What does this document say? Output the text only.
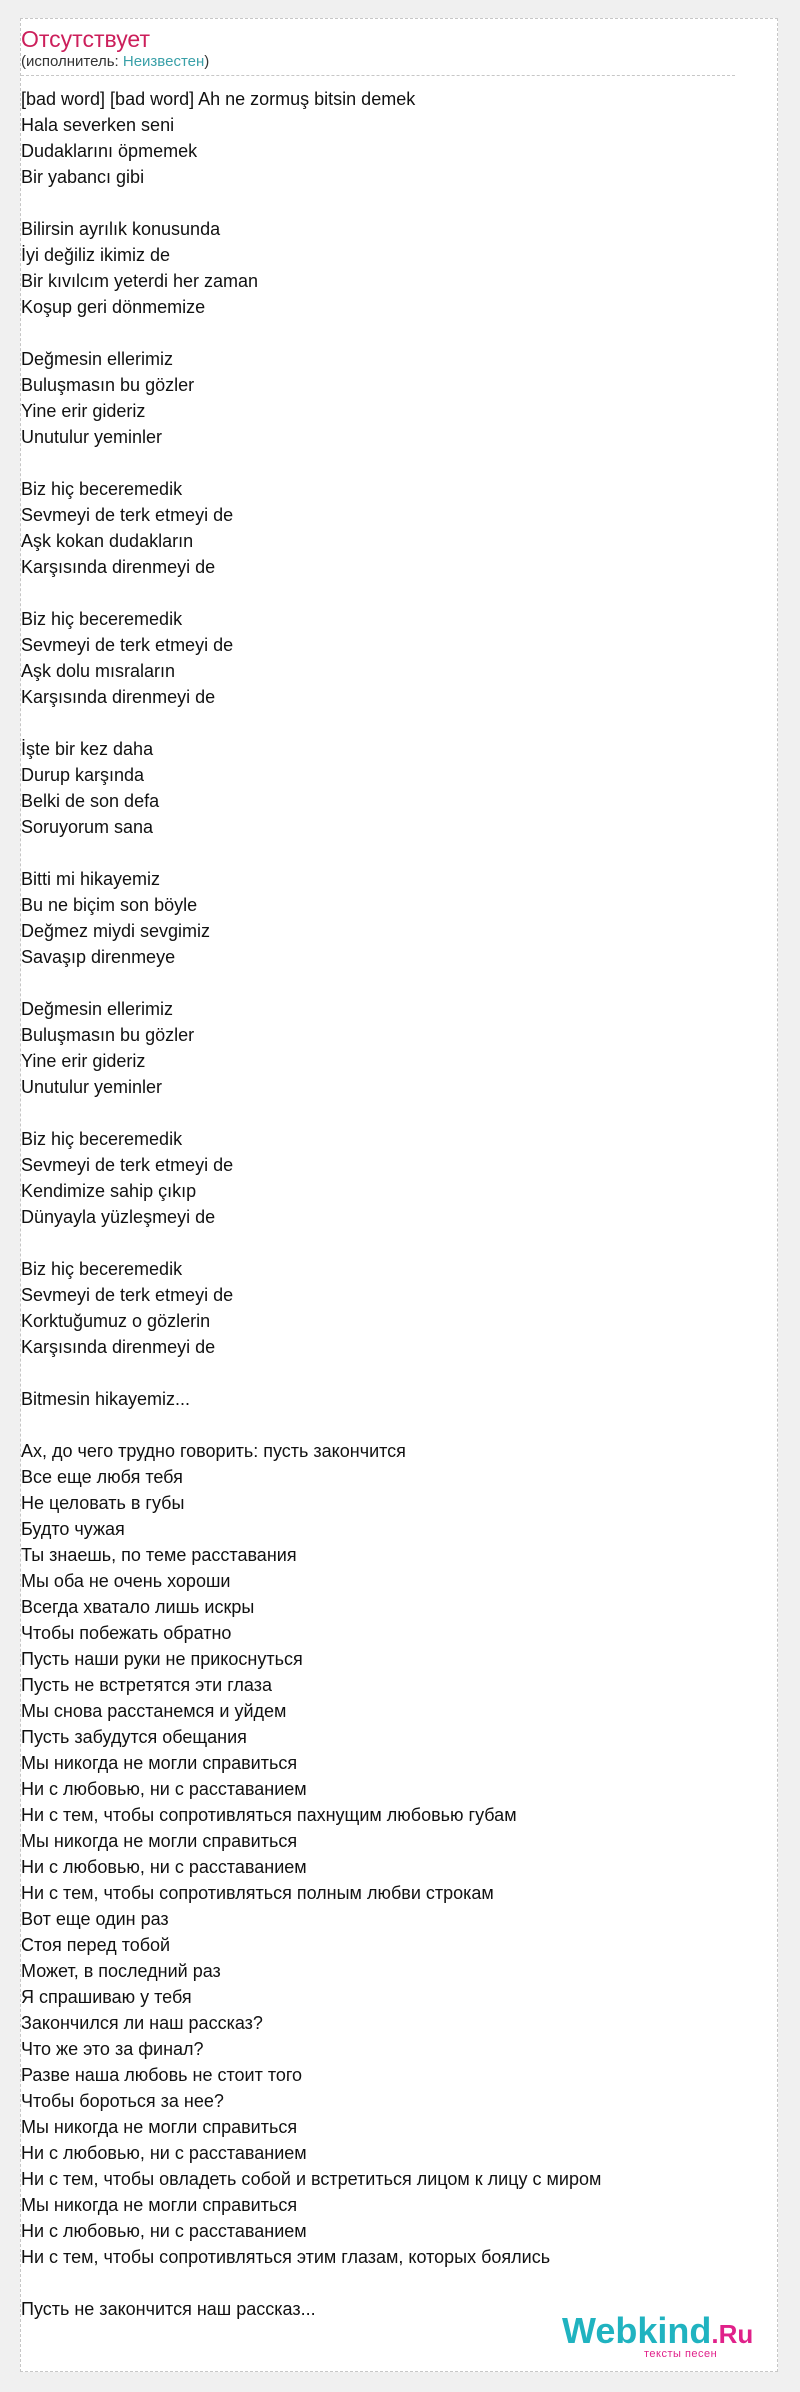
Отсутствует
(исполнитель: Неизвестен)
[bad word] [bad word] Ah ne zormuş bitsin demek
Hala severken seni
Dudaklarını öpmemek
Bir yabancı gibi
Bilirsin ayrılık konusunda
İyi değiliz ikimiz de
Bir kıvılcım yeterdi her zaman
Koşup geri dönmemize
Değmesin ellerimiz
Buluşmasın bu gözler
Yine erir gideriz
Unutulur yeminler
Biz hiç beceremedik
Sevmeyi de terk etmeyi de
Aşk kokan dudakların
Karşısında direnmeyi de
Biz hiç beceremedik
Sevmeyi de terk etmeyi de
Aşk dolu mısraların
Karşısında direnmeyi de
İşte bir kez daha
Durup karşında
Belki de son defa
Soruyorum sana
Bitti mi hikayemiz
Bu ne biçim son böyle
Değmez miydi sevgimiz
Savaşıp direnmeye
Değmesin ellerimiz
Buluşmasın bu gözler
Yine erir gideriz
Unutulur yeminler
Biz hiç beceremedik
Sevmeyi de terk etmeyi de
Kendimize sahip çıkıp
Dünyayla yüzleşmeyi de
Biz hiç beceremedik
Sevmeyi de terk etmeyi de
Korktuğumuz o gözlerin
Karşısında direnmeyi de
Bitmesin hikayemiz...
Ах, до чего трудно говорить: пусть закончится
Все еще любя тебя
Не целовать в губы
Будто чужая
Ты знаешь, по теме расставания
Мы оба не очень хороши
Всегда хватало лишь искры
Чтобы побежать обратно
Пусть наши руки не прикоснуться
Пусть не встретятся эти глаза
Мы снова расстанемся и уйдем
Пусть забудутся обещания
Мы никогда не могли справиться
Ни с любовью, ни с расставанием
Ни с тем, чтобы сопротивляться пахнущим любовью губам
Мы никогда не могли справиться
Ни с любовью, ни с расставанием
Ни с тем, чтобы сопротивляться полным любви строкам
Вот еще один раз
Стоя перед тобой
Может, в последний раз
Я спрашиваю у тебя
Закончился ли наш рассказ?
Что же это за финал?
Разве наша любовь не стоит того
Чтобы бороться за нее?
Мы никогда не могли справиться
Ни с любовью, ни с расставанием
Ни с тем, чтобы овладеть собой и встретиться лицом к лицу с миром
Мы никогда не могли справиться
Ни с любовью, ни с расставанием
Ни с тем, чтобы сопротивляться этим глазам, которых боялись
Пусть не закончится наш рассказ...
Webkind.Ru
тексты песен
